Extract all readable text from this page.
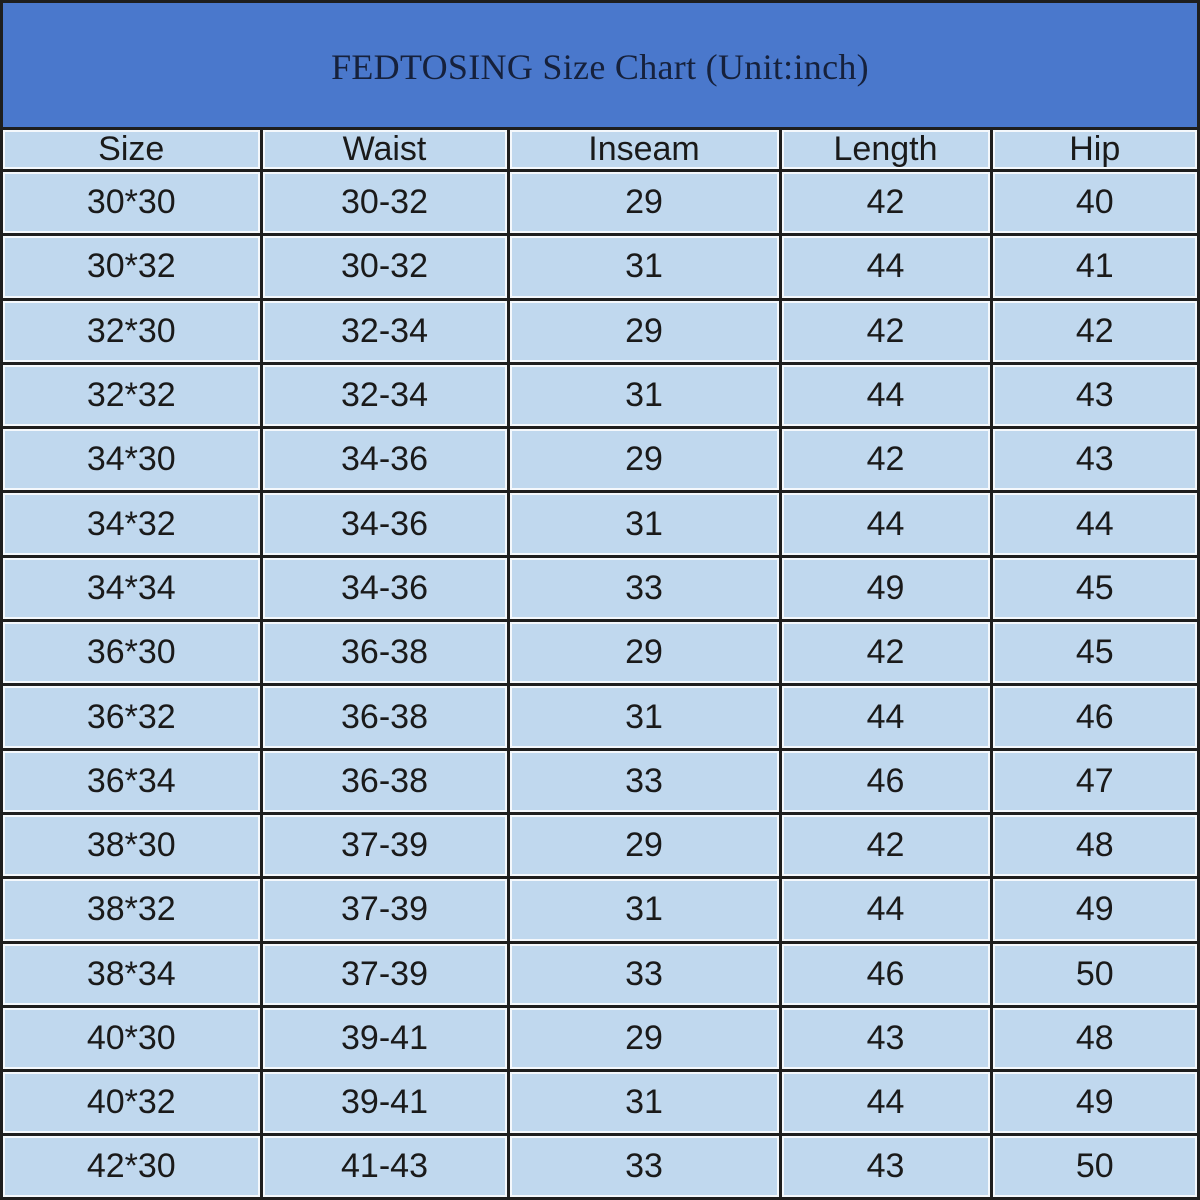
FEDTOSING Size Chart (Unit:inch)
Size	Waist	Inseam	Length	Hip
30*30	30-32	29	42	40
30*32	30-32	31	44	41
32*30	32-34	29	42	42
32*32	32-34	31	44	43
34*30	34-36	29	42	43
34*32	34-36	31	44	44
34*34	34-36	33	49	45
36*30	36-38	29	42	45
36*32	36-38	31	44	46
36*34	36-38	33	46	47
38*30	37-39	29	42	48
38*32	37-39	31	44	49
38*34	37-39	33	46	50
40*30	39-41	29	43	48
40*32	39-41	31	44	49
42*30	41-43	33	43	50
